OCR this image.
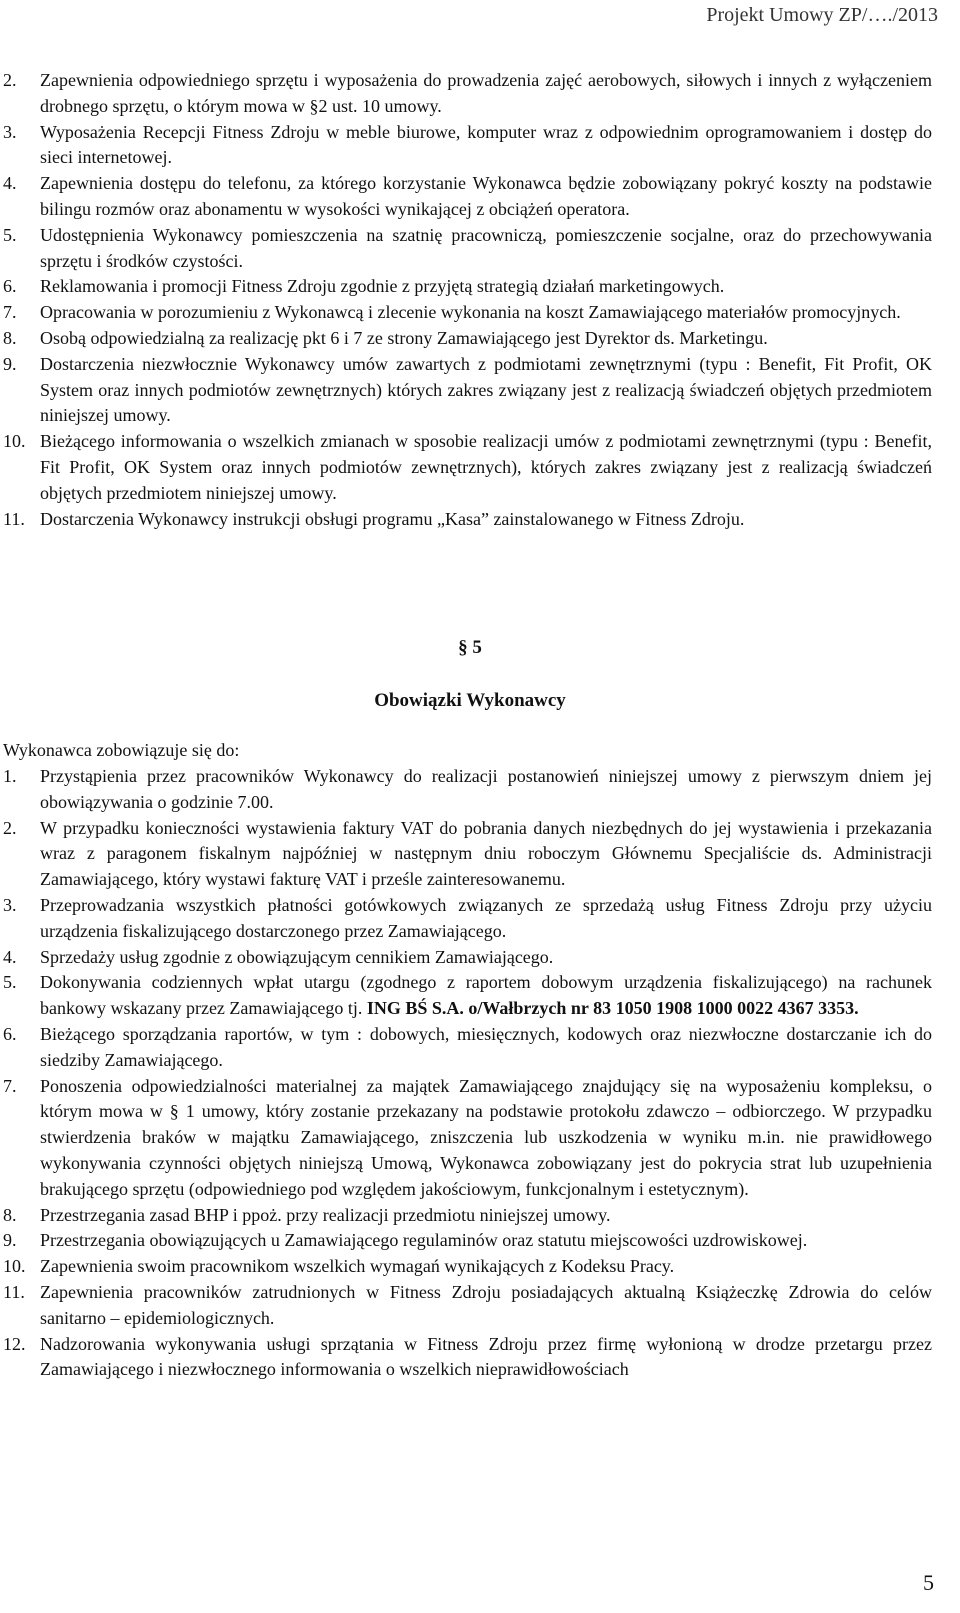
Projekt Umowy ZP/…./2013
2. Zapewnienia odpowiedniego sprzętu i wyposażenia do prowadzenia zajęć aerobowych, siłowych i innych z wyłączeniem drobnego sprzętu, o którym mowa w §2 ust. 10 umowy.
3. Wyposażenia Recepcji Fitness Zdroju w meble biurowe, komputer wraz z odpowiednim oprogramowaniem i dostęp do sieci internetowej.
4. Zapewnienia dostępu do telefonu, za którego korzystanie Wykonawca będzie zobowiązany pokryć koszty na podstawie bilingu rozmów oraz abonamentu w wysokości wynikającej z obciążeń operatora.
5. Udostępnienia Wykonawcy pomieszczenia na szatnię pracowniczą, pomieszczenie socjalne, oraz do przechowywania sprzętu i środków czystości.
6. Reklamowania i promocji Fitness Zdroju zgodnie z przyjętą strategią działań marketingowych.
7. Opracowania w porozumieniu z Wykonawcą i zlecenie wykonania na koszt Zamawiającego materiałów promocyjnych.
8. Osobą odpowiedzialną za realizację pkt 6 i 7 ze strony Zamawiającego jest Dyrektor ds. Marketingu.
9. Dostarczenia niezwłocznie Wykonawcy umów zawartych z podmiotami zewnętrznymi (typu : Benefit, Fit Profit, OK System oraz innych podmiotów zewnętrznych) których zakres związany jest z realizacją świadczeń objętych przedmiotem niniejszej umowy.
10. Bieżącego informowania o wszelkich zmianach w sposobie realizacji umów z podmiotami zewnętrznymi (typu : Benefit, Fit Profit, OK System oraz innych podmiotów zewnętrznych), których zakres związany jest z realizacją świadczeń objętych przedmiotem niniejszej umowy.
11. Dostarczenia Wykonawcy instrukcji obsługi programu „Kasa” zainstalowanego w Fitness Zdroju.
§ 5
Obowiązki Wykonawcy
Wykonawca zobowiązuje się do:
1. Przystąpienia przez pracowników Wykonawcy do realizacji postanowień niniejszej umowy z pierwszym dniem jej obowiązywania o godzinie 7.00.
2. W przypadku konieczności wystawienia faktury VAT do pobrania danych niezbędnych do jej wystawienia i przekazania wraz z paragonem fiskalnym najpóźniej w następnym dniu roboczym Głównemu Specjaliście ds. Administracji Zamawiającego, który wystawi fakturę VAT i prześle zainteresowanemu.
3. Przeprowadzania wszystkich płatności gotówkowych związanych ze sprzedażą usług Fitness Zdroju przy użyciu urządzenia fiskalizującego dostarczonego przez Zamawiającego.
4. Sprzedaży usług zgodnie z obowiązującym cennikiem Zamawiającego.
5. Dokonywania codziennych wpłat utargu (zgodnego z raportem dobowym urządzenia fiskalizującego) na rachunek bankowy wskazany przez Zamawiającego tj. ING BŚ S.A. o/Wałbrzych nr 83 1050 1908 1000 0022 4367 3353.
6. Bieżącego sporządzania raportów, w tym : dobowych, miesięcznych, kodowych oraz niezwłoczne dostarczanie ich do siedziby Zamawiającego.
7. Ponoszenia odpowiedzialności materialnej za majątek Zamawiającego znajdujący się na wyposażeniu kompleksu, o którym mowa w § 1 umowy, który zostanie przekazany na podstawie protokołu zdawczo – odbiorczego. W przypadku stwierdzenia braków w majątku Zamawiającego, zniszczenia lub uszkodzenia w wyniku m.in. nie prawidłowego wykonywania czynności objętych niniejszą Umową, Wykonawca zobowiązany jest do pokrycia strat lub uzupełnienia brakującego sprzętu (odpowiedniego pod względem jakościowym, funkcjonalnym i estetycznym).
8. Przestrzegania zasad BHP i ppoż. przy realizacji przedmiotu niniejszej umowy.
9. Przestrzegania obowiązujących u Zamawiającego regulaminów oraz statutu miejscowości uzdrowiskowej.
10. Zapewnienia swoim pracownikom wszelkich wymagań wynikających z Kodeksu Pracy.
11. Zapewnienia pracowników zatrudnionych w Fitness Zdroju posiadających aktualną Książeczkę Zdrowia do celów sanitarno – epidemiologicznych.
12. Nadzorowania wykonywania usługi sprzątania w Fitness Zdroju przez firmę wyłonioną w drodze przetargu przez Zamawiającego i niezwłocznego informowania o wszelkich nieprawidłowościach
5
